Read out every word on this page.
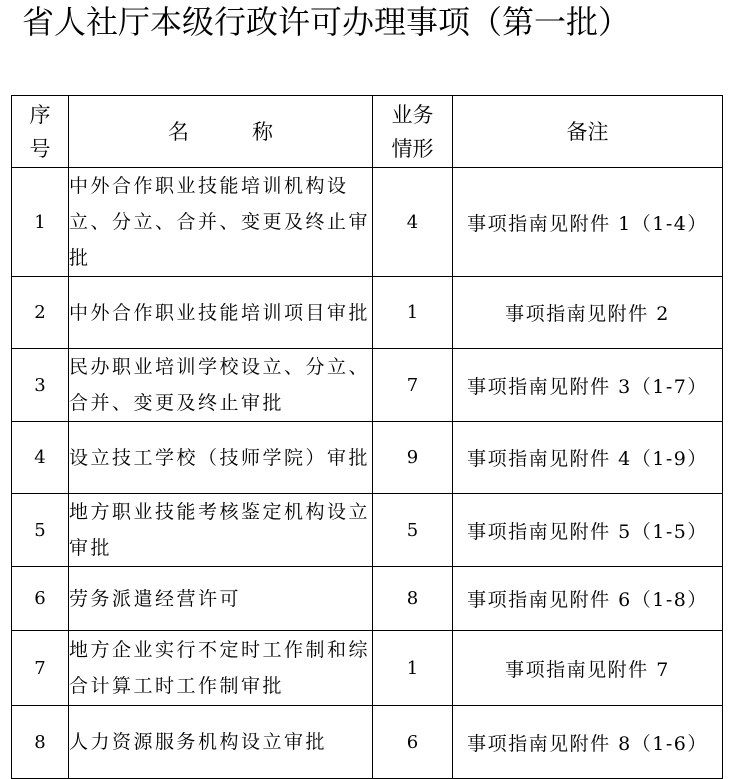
省人社厅本级行政许可办理事项（第一批）
序号	名称	业务情形	备注
1	中外合作职业技能培训机构设立、分立、合并、变更及终止审批	4	事项指南见附件 1（1-4）
2	中外合作职业技能培训项目审批	1	事项指南见附件 2
3	民办职业培训学校设立、分立、合并、变更及终止审批	7	事项指南见附件 3（1-7）
4	设立技工学校（技师学院）审批	9	事项指南见附件 4（1-9）
5	地方职业技能考核鉴定机构设立审批	5	事项指南见附件 5（1-5）
6	劳务派遣经营许可	8	事项指南见附件 6（1-8）
7	地方企业实行不定时工作制和综合计算工时工作制审批	1	事项指南见附件 7
8	人力资源服务机构设立审批	6	事项指南见附件 8（1-6）
